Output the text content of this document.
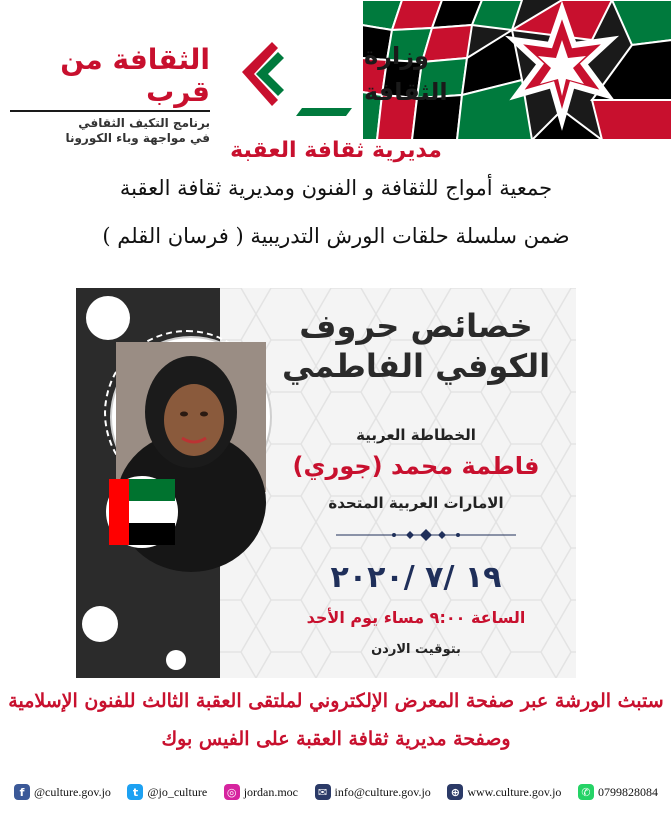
وزارة
الثقافة
الثقافة من قرب
برنامج التكيف الثقافي
في مواجهة وباء الكورونا مديرية ثقافة العقبة
جمعية أمواج للثقافة و الفنون ومديرية ثقافة العقبة
ضمن سلسلة حلقات الورش التدريبية ( فرسان القلم )
خصائص حروف
الكوفي الفاطمي
الخطاطة العربية
فاطمة محمد (جوري)
الامارات العربية المتحدة
١٩ /٧ /٢٠٢٠
الساعة ٩:٠٠ مساء يوم الأحد
بتوقيت الاردن
ستبث الورشة عبر صفحة المعرض الإلكتروني لملتقى العقبة الثالث للفنون الإسلامية
وصفحة مديرية ثقافة العقبة على الفيس بوك
f @culture.gov.jo	t @jo_culture ◎ jordan.moc	✉ info@culture.gov.jo	⊕ www.culture.gov.jo	✆ 0799828084
